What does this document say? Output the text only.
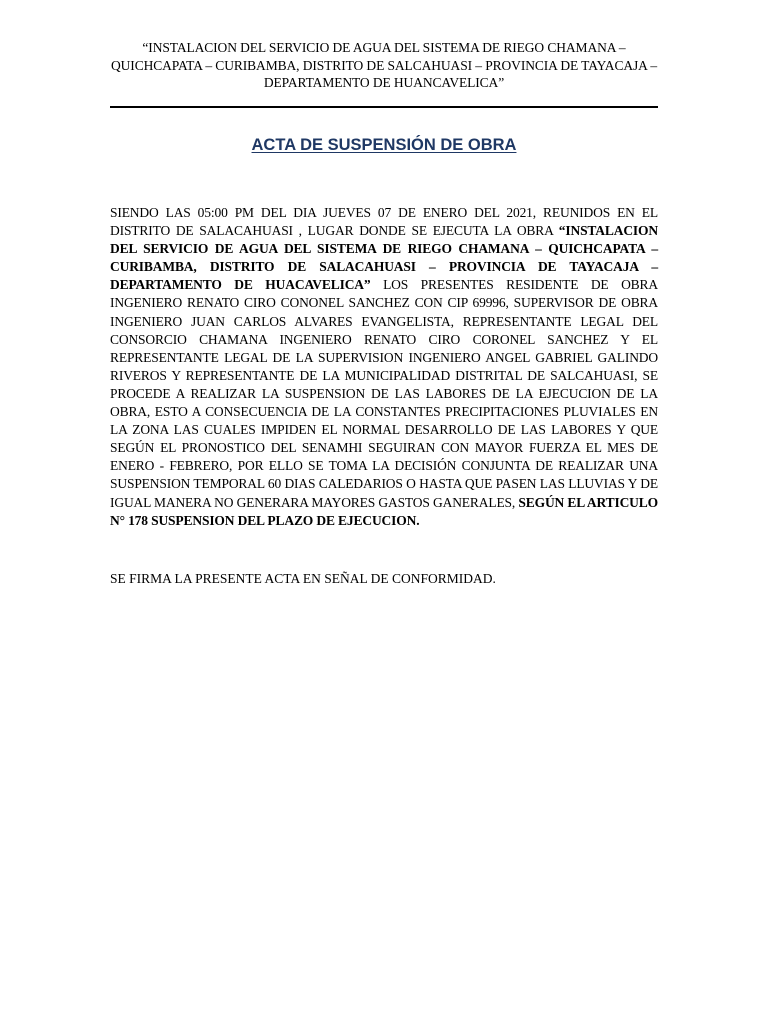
“INSTALACION DEL SERVICIO DE AGUA DEL SISTEMA DE RIEGO CHAMANA –
QUICHCAPATA – CURIBAMBA, DISTRITO DE SALCAHUASI – PROVINCIA DE TAYACAJA –
DEPARTAMENTO DE HUANCAVELICA”
ACTA DE SUSPENSIÓN DE OBRA

SIENDO LAS 05:00 PM DEL DIA JUEVES 07 DE ENERO DEL 2021, REUNIDOS EN EL DISTRITO DE SALACAHUASI , LUGAR DONDE SE EJECUTA LA OBRA “INSTALACION DEL SERVICIO DE AGUA DEL SISTEMA DE RIEGO CHAMANA – QUICHCAPATA – CURIBAMBA, DISTRITO DE SALACAHUASI – PROVINCIA DE TAYACAJA – DEPARTAMENTO DE HUACAVELICA” LOS PRESENTES RESIDENTE DE OBRA INGENIERO RENATO CIRO CONONEL SANCHEZ CON CIP 69996, SUPERVISOR DE OBRA INGENIERO JUAN CARLOS ALVARES EVANGELISTA, REPRESENTANTE LEGAL DEL CONSORCIO CHAMANA INGENIERO RENATO CIRO CORONEL SANCHEZ Y EL REPRESENTANTE LEGAL DE LA SUPERVISION INGENIERO ANGEL GABRIEL GALINDO RIVEROS Y REPRESENTANTE DE LA MUNICIPALIDAD DISTRITAL DE SALCAHUASI, SE PROCEDE A REALIZAR LA SUSPENSION DE LAS LABORES DE LA EJECUCION DE LA OBRA, ESTO A CONSECUENCIA DE LA CONSTANTES PRECIPITACIONES PLUVIALES EN LA ZONA LAS CUALES IMPIDEN EL NORMAL DESARROLLO DE LAS LABORES Y QUE SEGÚN EL PRONOSTICO DEL SENAMHI SEGUIRAN CON MAYOR FUERZA EL MES DE ENERO - FEBRERO, POR ELLO SE TOMA LA DECISIÓN CONJUNTA DE REALIZAR UNA SUSPENSION TEMPORAL 60 DIAS CALEDARIOS O HASTA QUE PASEN LAS LLUVIAS Y DE IGUAL MANERA NO GENERARA MAYORES GASTOS GANERALES, SEGÚN EL ARTICULO N° 178 SUSPENSION DEL PLAZO DE EJECUCION.

SE FIRMA LA PRESENTE ACTA EN SEÑAL DE CONFORMIDAD.
